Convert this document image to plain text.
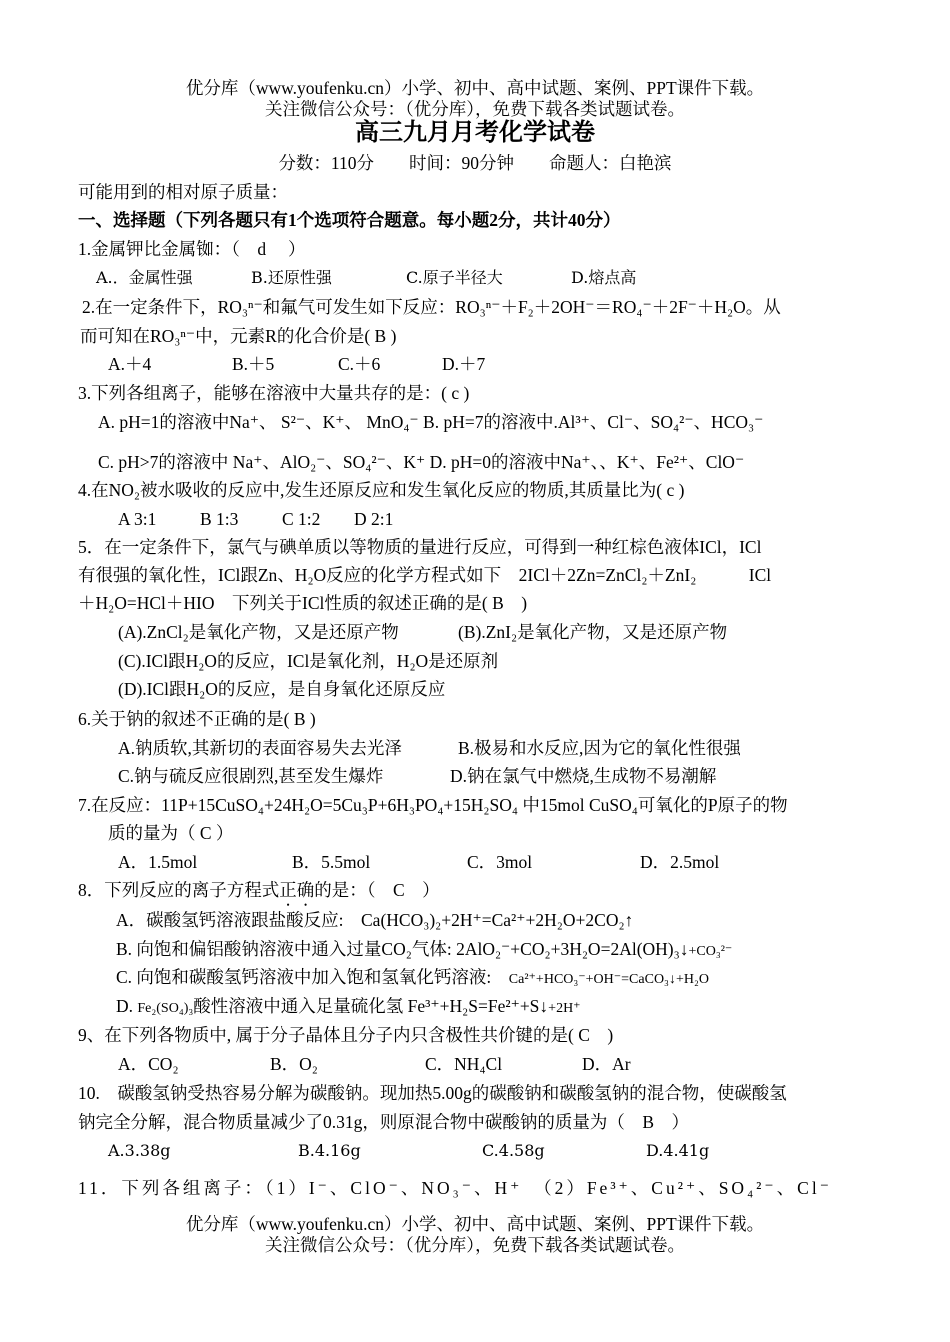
优分库（www.youfenku.cn）小学、初中、高中试题、案例、PPT课件下载。
关注微信公众号：（优分库），免费下载各类试题试卷。
高三九月月考化学试卷
分数：110分　　时间：90分钟　　命题人：白艳滨
可能用到的相对原子质量：
一、选择题（下列各题只有1个选项符合题意。每小题2分，共计40分）
1.金属钾比金属铷：（　d　 ）
A.．金属性强	B.还原性强	C.原子半径大	D.熔点高
2.在一定条件下，RO₃ⁿ⁻和氟气可发生如下反应：RO₃ⁿ⁻＋F₂＋2OH⁻＝RO₄⁻＋2F⁻＋H₂O。从
而可知在RO₃ⁿ⁻中，元素R的化合价是( B )
A.＋4	B.＋5	C.＋6	D.＋7
3.下列各组离子，能够在溶液中大量共存的是：( c )
A. pH=1的溶液中Na⁺、 S²⁻、K⁺、 MnO₄⁻ B. pH=7的溶液中.Al³⁺、Cl⁻、SO₄²⁻、HCO₃⁻
C. pH>7的溶液中 Na⁺、AlO₂⁻、SO₄²⁻、K⁺ D. pH=0的溶液中Na⁺、、K⁺、Fe²⁺、ClO⁻
4.在NO₂被水吸收的反应中,发生还原反应和发生氧化反应的物质,其质量比为( c )
A 3:1 B 1:3 C 1:2 D 2:1
5．在一定条件下，氯气与碘单质以等物质的量进行反应，可得到一种红棕色液体ICl，ICl
有很强的氧化性，ICl跟Zn、H₂O反应的化学方程式如下　2ICl＋2Zn=ZnCl₂＋ZnI₂　　　ICl
＋H₂O=HCl＋HIO　下列关于ICl性质的叙述正确的是( B　)
(A).ZnCl₂是氧化产物，又是还原产物	(B).ZnI₂是氧化产物，又是还原产物
(C).ICl跟H₂O的反应，ICl是氧化剂，H₂O是还原剂
(D).ICl跟H₂O的反应，是自身氧化还原反应
6.关于钠的叙述不正确的是( B )
A.钠质软,其新切的表面容易失去光泽	B.极易和水反应,因为它的氧化性很强
C.钠与硫反应很剧烈,甚至发生爆炸	D.钠在氯气中燃烧,生成物不易潮解
7.在反应：11P+15CuSO₄+24H₂O=5Cu₃P+6H₃PO₄+15H₂SO₄ 中15mol CuSO₄可氧化的P原子的物
质的量为（ C ）
A．1.5mol	B．5.5mol	C．3mol	D．2.5mol
8．下列反应的离子方程式正确的是：（　C　）
A．碳酸氢钙溶液跟盐酸反应:　Ca(HCO₃)₂+2H⁺=Ca²⁺+2H₂O+2CO₂↑
B. 向饱和偏铝酸钠溶液中通入过量CO₂气体: 2AlO₂⁻+CO₂+3H₂O=2Al(OH)₃↓+CO₃²⁻
C. 向饱和碳酸氢钙溶液中加入饱和氢氧化钙溶液:　Ca²⁺+HCO₃⁻+OH⁻=CaCO₃↓+H₂O
D. Fe₂(SO₄)₃酸性溶液中通入足量硫化氢 Fe³⁺+H₂S=Fe²⁺+S↓+2H⁺
9、在下列各物质中, 属于分子晶体且分子内只含极性共价键的是( C　)
A．CO₂	B．O₂	C．NH₄Cl	D．Ar
10.　碳酸氢钠受热容易分解为碳酸钠。现加热5.00g的碳酸钠和碳酸氢钠的混合物，使碳酸氢
钠完全分解，混合物质量减少了0.31g，则原混合物中碳酸钠的质量为（　B　）
A.3.38g	B.4.16g	C.4.58g	D.4.41g
11．下列各组离子：（1）I⁻、ClO⁻、NO₃⁻、H⁺　（2）Fe³⁺、Cu²⁺、SO₄²⁻、Cl⁻
优分库（www.youfenku.cn）小学、初中、高中试题、案例、PPT课件下载。
关注微信公众号：（优分库），免费下载各类试题试卷。
